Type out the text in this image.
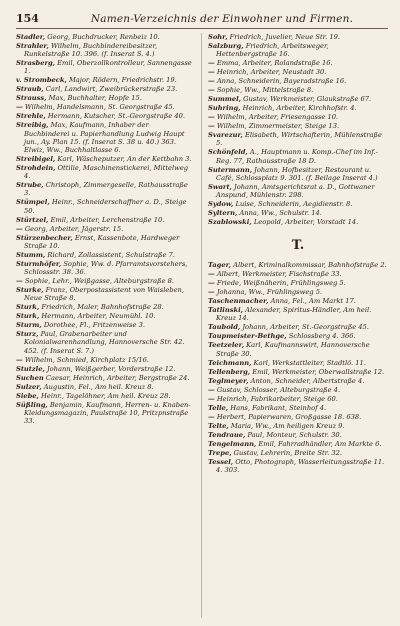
154	Namen-Verzeichnis der Einwohner und Firmen.
Stadler, Georg, Buchdrucker, Renbeiz 10.
Strahler, Wilhelm, Buchbindereibesitzer, Runkelstraße 10. 396. (f. Inserat S. 4.)
Strasberg, Emil, Oberzollkontrolleur, Sannengasse 1.
v. Strombeck, Major, Rödern, Friedrichstr. 19.
Straub, Carl, Landwirt, Zweibrückerstraße 23.
Strauss, Max, Buchhalter, Hopfe 15.
— Wilhelm, Handelsmann, St. Georgstraße 45.
Strehle, Hermann, Kutscher, St.-Georgstraße 40.
Streibig, Max, Kaufmann, Inhaber der Buchbinderei u. Papierhandlung Ludwig Haupt jun., Ay. Plan 15. (f. Inserat S. 38 u. 40.) 363. Elwiz, Ww., Buchhaltlasse 6.
Streibigel, Karl, Wäscheputzer, An der Kettbahn 3.
Strohdein, Ottilie, Maschinenstickerei, Mittelweg 4.
Strube, Christoph, Zimmergeselle, Rathausstraße 3.
Stümpel, Heinr., Schneiderschaffner a. D., Steige 50.
Stürtzel, Emil, Arbeiter, Lerchenstraße 10.
— Georg, Arbeiter, Jägerstr. 15.
Stürzenbecher, Ernst, Kassenbote, Hardweger Straße 10.
Stumm, Richard, Zollassistent, Schulstraße 7.
Sturmhöfer, Sophie, Ww. d. Pfarramtsvorstehers, Schlossstr. 38. 36.
— Sophie, Lehr., Weißgasse, Alteburgstraße 8.
Sturke, Franz, Oberpostassistent von Waisleben, Neue Straße 8.
Sturk, Friedrich, Maler, Bahnhofstraße 28.
Sturk, Hermann, Arbeiter, Neumühl. 10.
Sturm, Dorothee, Fl., Fritzenweise 3.
Sturz, Paul, Grabenarbeiter und Kolonialwarenhandlung, Hannoversche Str. 42. 452. (f. Inserat S. 7.)
— Wilhelm, Schmied, Kirchplatz 15/16.
Stutzle, Johann, Weißgerber, Vorderstraße 12.
Suchen Caesar, Heinrich, Arbeiter, Bergstraße 24.
Sulzer, Augustin, Fel., Am heil. Kreuz 8.
Siebe, Heinr., Tagelöhner, Am heil. Kreuz 28.
Süßling, Benjamin, Kaufmann, Herren- u. Knaben-Kleidungsmagazin, Paulstraße 10, Pritzpnstraße 33.
Sohr, Friedrich, Juvelier, Neue Str. 19.
Salzburg, Friedrich, Arbeitsweger, Hettenbergstraße 16.
— Emma, Arbeiter, Rolandstraße 16.
— Heinrich, Arbeiter, Neustadt 30.
— Anna, Schneiderin, Bayeradstraße 16.
— Sophie, Ww., Mittelstraße 8.
Summel, Gustav, Werkmeister, Glaukstraße 67.
Suhring, Heinrich, Arbeiter, Kirchhofstr. 4.
— Wilhelm, Arbeiter, Friesengasse 10.
— Wilhelm, Zimmermeister, Steige 13.
Svarezur, Elisabeth, Wirtschafterin, Mühlenstraße 5.
Schönfeld, A., Hauptmann u. Komp.-Chef im Inf.-Reg. 77, Rathausstraße 18 D.
Sutermann, Johann, Hofbesitzer, Restaurant u. Café, Schlossplatz 9. 301. (f. Beilage Inserat 4.)
Swart, Johann, Amtsgerichtsrat a. D., Gottwaner Anspund, Mühlenstr. 298.
Sydow, Luise, Schneiderin, Aegidienstr. 8.
Syltern, Anna, Ww., Schulstr. 14.
Szablowski, Leopold, Arbeiter, Vorstadt 14.
T.
Tager, Albert, Kriminalkommissar, Bahnhofstraße 2.
— Albert, Werkmeister, Fischstraße 33.
— Friede, Weißnäherin, Frühlingsweg 5.
— Johanna, Ww., Frühlingsweg 5.
Taschenmacher, Anna, Fel., Am Markt 17.
Tatlinski, Alexander, Spiritus-Händler, Am heil. Kreuz 14.
Taubold, Johann, Arbeiter, St.-Georgstraße 45.
Taupmeister-Bethge, Schlossberg 4. 366.
Teetzeler, Karl, Kaufmannswirt, Hannoversche Straße 30.
Teichmann, Karl, Werkstattleiter, Stadtlö. 11.
Tellenberg, Emil, Werkmeister, Oberwallstraße 12.
Teglmeyer, Anton, Schneider, Albertstraße 4.
— Gustav, Schlosser, Alteburgstraße 4.
— Heinrich, Fabrikarbeiter, Steige 60.
Telle, Hans, Fabrikant, Steinhof 4.
— Herbert, Papierwaren, Großgasse 18. 638.
Telte, Maria, Ww., Am heiligen Kreuz 9.
Tendraue, Paul, Monteur, Schulstr. 30.
Tengelmann, Emil, Fahrradhändler, Am Markte 6.
Trepe, Gustav, Lehrerin, Breite Str. 32.
Tessel, Otto, Photograph, Wasserleitungsstraße 11. 4. 303.
